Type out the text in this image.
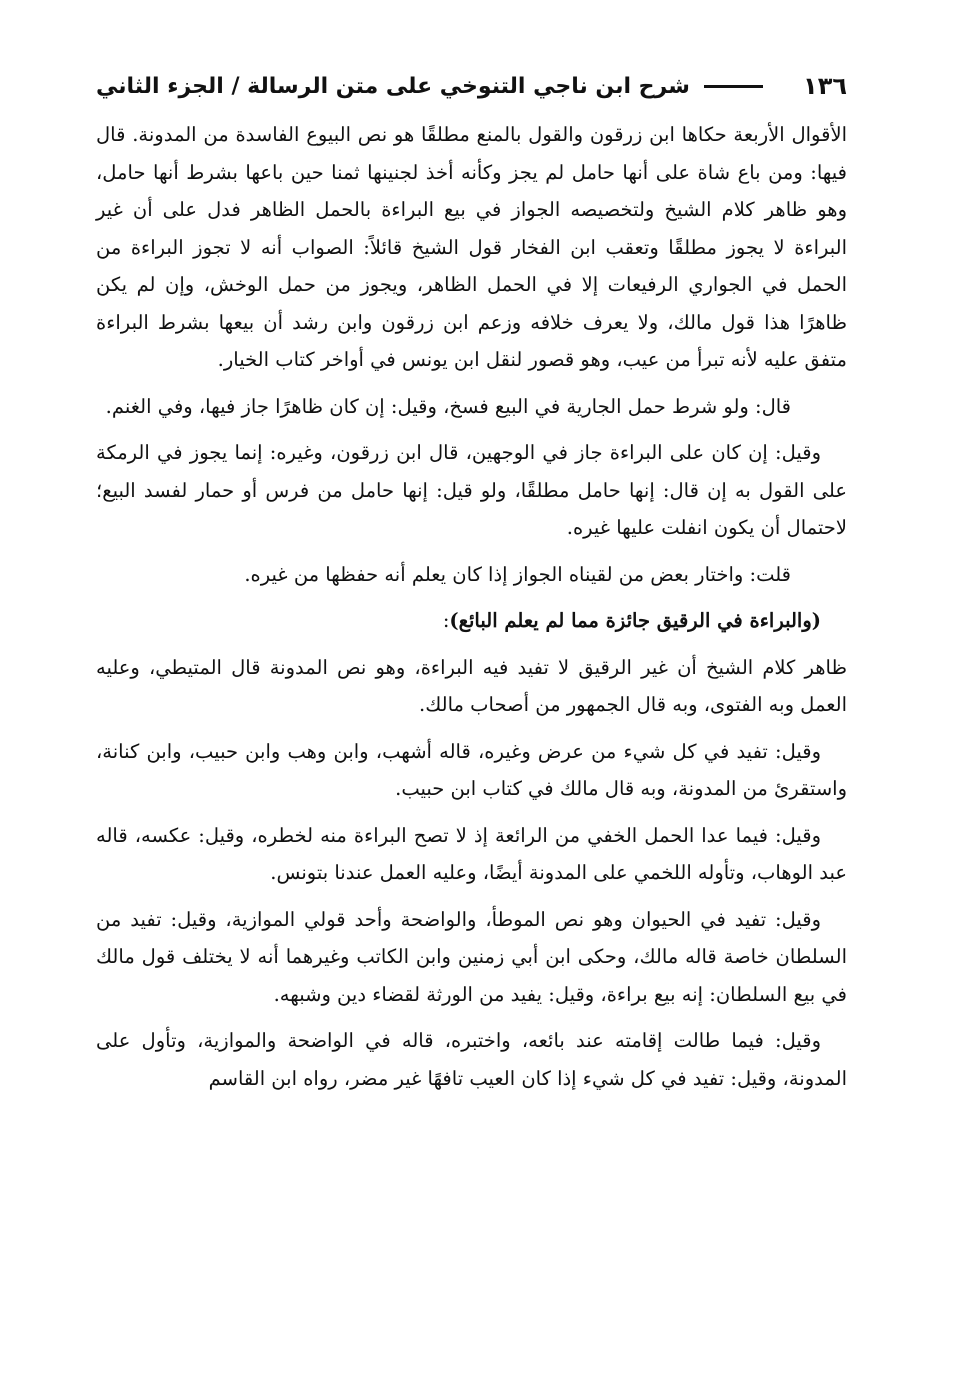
١٣٦
شرح ابن ناجي التنوخي على متن الرسالة / الجزء الثاني

الأقوال الأربعة حكاها ابن زرقون والقول بالمنع مطلقًا هو نص البيوع الفاسدة من المدونة. قال فيها: ومن باع شاة على أنها حامل لم يجز وكأنه أخذ لجنينها ثمنا حين باعها بشرط أنها حامل، وهو ظاهر كلام الشيخ ولتخصيصه الجواز في بيع البراءة بالحمل الظاهر فدل على أن غير البراءة لا يجوز مطلقًا وتعقب ابن الفخار قول الشيخ قائلاً: الصواب أنه لا تجوز البراءة من الحمل في الجواري الرفيعات إلا في الحمل الظاهر، ويجوز من حمل الوخش، وإن لم يكن ظاهرًا هذا قول مالك، ولا يعرف خلافه وزعم ابن زرقون وابن رشد أن بيعها بشرط البراءة متفق عليه لأنه تبرأ من عيب، وهو قصور لنقل ابن يونس في أواخر كتاب الخيار.

قال: ولو شرط حمل الجارية في البيع فسخ، وقيل: إن كان ظاهرًا جاز فيها، وفي الغنم.

وقيل: إن كان على البراءة جاز في الوجهين، قال ابن زرقون، وغيره: إنما يجوز في الرمكة على القول به إن قال: إنها حامل مطلقًا، ولو قيل: إنها حامل من فرس أو حمار لفسد البيع؛ لاحتمال أن يكون انفلت عليها غيره.

قلت: واختار بعض من لقيناه الجواز إذا كان يعلم أنه حفظها من غيره.

(والبراءة في الرقيق جائزة مما لم يعلم البائع):

ظاهر كلام الشيخ أن غير الرقيق لا تفيد فيه البراءة، وهو نص المدونة قال المتيطي، وعليه العمل وبه الفتوى، وبه قال الجمهور من أصحاب مالك.

وقيل: تفيد في كل شيء من عرض وغيره، قاله أشهب، وابن وهب وابن حبيب، وابن كنانة، واستقرئ من المدونة، وبه قال مالك في كتاب ابن حبيب.

وقيل: فيما عدا الحمل الخفي من الرائعة إذ لا تصح البراءة منه لخطره، وقيل: عكسه، قاله عبد الوهاب، وتأوله اللخمي على المدونة أيضًا، وعليه العمل عندنا بتونس.

وقيل: تفيد في الحيوان وهو نص الموطأ، والواضحة وأحد قولي الموازية، وقيل: تفيد من السلطان خاصة قاله مالك، وحكى ابن أبي زمنين وابن الكاتب وغيرهما أنه لا يختلف قول مالك في بيع السلطان: إنه بيع براءة، وقيل: يفيد من الورثة لقضاء دين وشبهه.

وقيل: فيما طالت إقامته عند بائعه، واختبره، قاله في الواضحة والموازية، وتأول على المدونة، وقيل: تفيد في كل شيء إذا كان العيب تافهًا غير مضر، رواه ابن القاسم
